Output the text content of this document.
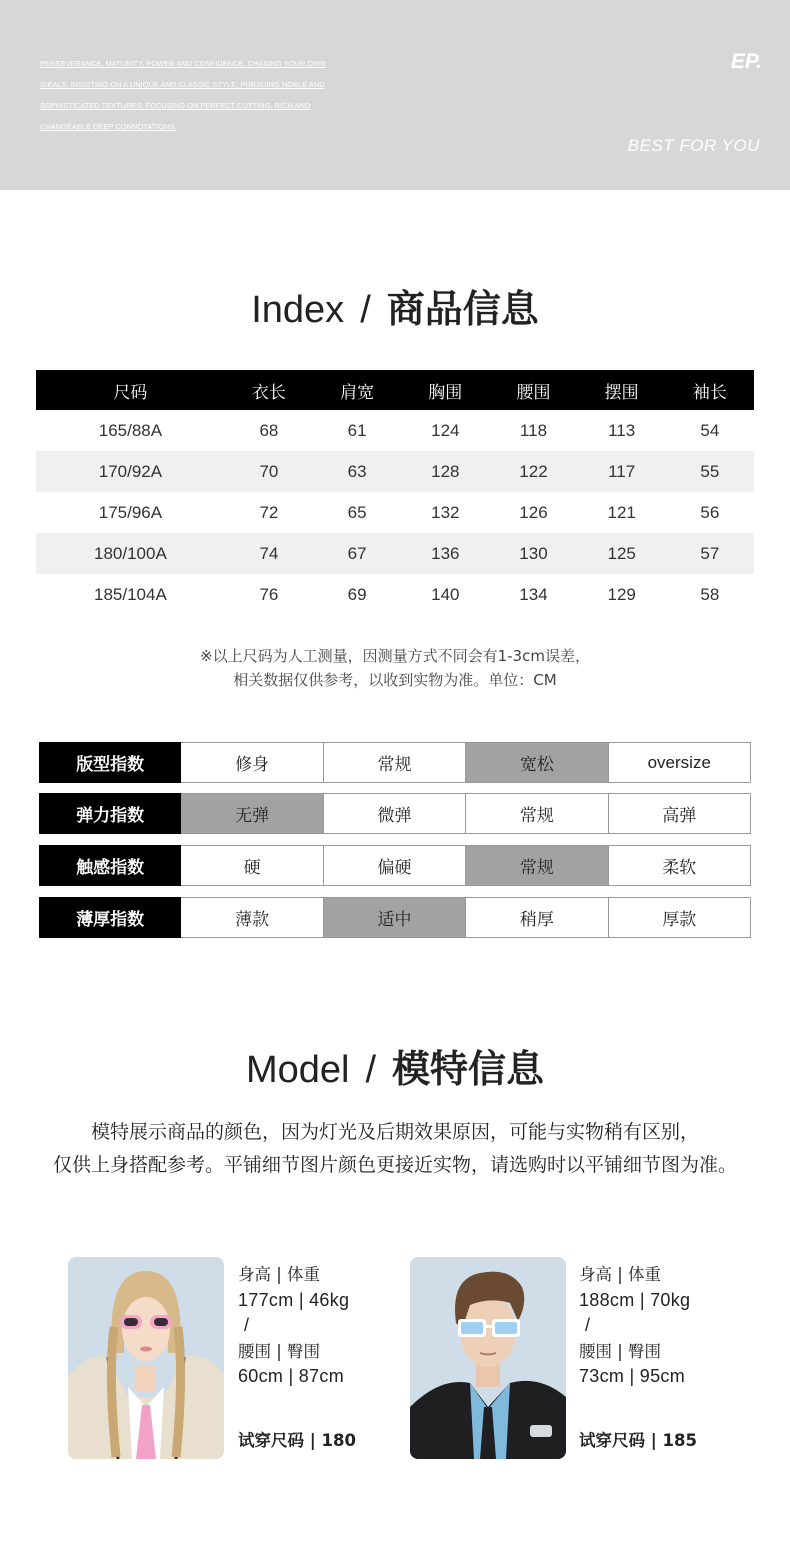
PERSEVERANCE, MATURITY, POWER AND CONFIDENCE, CHASING YOUR OWN
IDEALS, INSISTING ON A UNIQUE AND CLASSIC STYLE; PURSUING NOBLE AND
SOPHISTICATED TEXTURES; FOCUSING ON PERFECT CUTTING, RICH AND
CHANGEABLE DEEP CONNOTATIONS.
EP.
BEST FOR YOU
Index / 商品信息
尺码	衣长	肩宽	胸围	腰围	摆围	袖长
165/88A	68	61	124	118	113	54
170/92A	70	63	128	122	117	55
175/96A	72	65	132	126	121	56
180/100A	74	67	136	130	125	57
185/104A	76	69	140	134	129	58
※以上尺码为人工测量，因测量方式不同会有1-3cm误差，
相关数据仅供参考，以收到实物为准。单位：CM
版型指数	修身	常规	宽松	oversize
弹力指数	无弹	微弹	常规	高弹
触感指数	硬	偏硬	常规	柔软
薄厚指数	薄款	适中	稍厚	厚款
Model / 模特信息
模特展示商品的颜色，因为灯光及后期效果原因，可能与实物稍有区别，
仅供上身搭配参考。平铺细节图片颜色更接近实物，请选购时以平铺细节图为准。
身高 | 体重
177cm | 46kg
/
腰围 | 臀围
60cm | 87cm
试穿尺码 | 180
身高 | 体重
188cm | 70kg
/
腰围 | 臀围
73cm | 95cm
试穿尺码 | 185
